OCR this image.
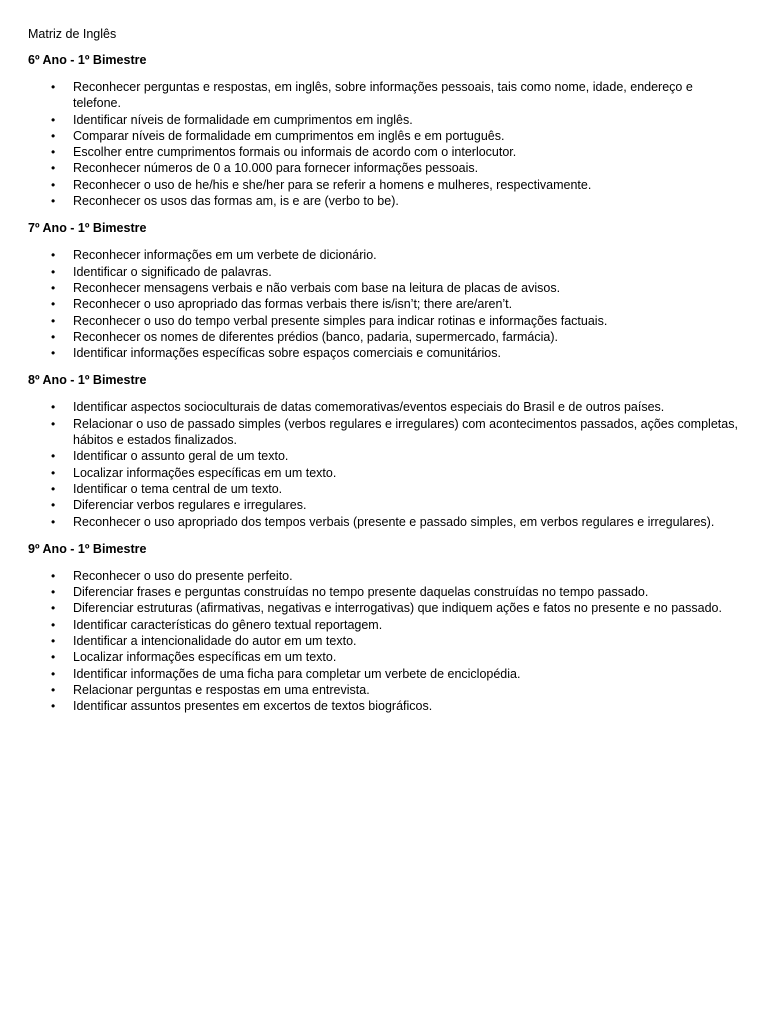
Matriz de Inglês
6º Ano - 1º Bimestre
• Reconhecer perguntas e respostas, em inglês, sobre informações pessoais, tais como nome, idade, endereço e telefone.
• Identificar níveis de formalidade em cumprimentos em inglês.
• Comparar níveis de formalidade em cumprimentos em inglês e em português.
• Escolher entre cumprimentos formais ou informais de acordo com o interlocutor.
• Reconhecer números de 0 a 10.000 para fornecer informações pessoais.
• Reconhecer o uso de he/his e she/her para se referir a homens e mulheres, respectivamente.
• Reconhecer os usos das formas am, is e are (verbo to be).
7º Ano - 1º Bimestre
• Reconhecer informações em um verbete de dicionário.
• Identificar o significado de palavras.
• Reconhecer mensagens verbais e não verbais com base na leitura de placas de avisos.
• Reconhecer o uso apropriado das formas verbais there is/isn’t; there are/aren’t.
• Reconhecer o uso do tempo verbal presente simples para indicar rotinas e informações factuais.
• Reconhecer os nomes de diferentes prédios (banco, padaria, supermercado, farmácia).
• Identificar informações específicas sobre espaços comerciais e comunitários.
8º Ano - 1º Bimestre
• Identificar aspectos socioculturais de datas comemorativas/eventos especiais do Brasil e de outros países.
• Relacionar o uso de passado simples (verbos regulares e irregulares) com acontecimentos passados, ações completas, hábitos e estados finalizados.
• Identificar o assunto geral de um texto.
• Localizar informações específicas em um texto.
• Identificar o tema central de um texto.
• Diferenciar verbos regulares e irregulares.
• Reconhecer o uso apropriado dos tempos verbais (presente e passado simples, em verbos regulares e irregulares).
9º Ano - 1º Bimestre
• Reconhecer o uso do presente perfeito.
• Diferenciar frases e perguntas construídas no tempo presente daquelas construídas no tempo passado.
• Diferenciar estruturas (afirmativas, negativas e interrogativas) que indiquem ações e fatos no presente e no passado.
• Identificar características do gênero textual reportagem.
• Identificar a intencionalidade do autor em um texto.
• Localizar informações específicas em um texto.
• Identificar informações de uma ficha para completar um verbete de enciclopédia.
• Relacionar perguntas e respostas em uma entrevista.
• Identificar assuntos presentes em excertos de textos biográficos.
